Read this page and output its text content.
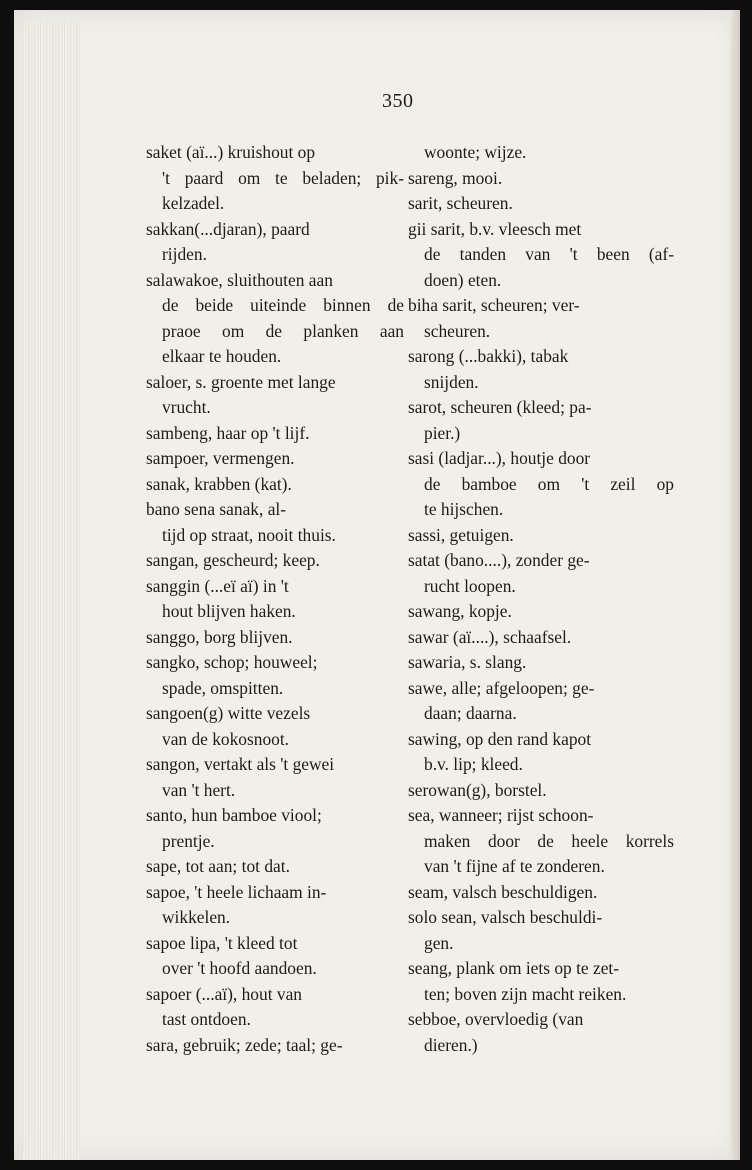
350
saket (aï...) kruishout op
't paard om te beladen; pik-
kelzadel.
sakkan(...djaran), paard
rijden.
salawakoe, sluithouten aan
de beide uiteinde binnen de
praoe om de planken aan
elkaar te houden.
saloer, s. groente met lange
vrucht.
sambeng, haar op 't lijf.
sampoer, vermengen.
sanak, krabben (kat).
bano sena sanak, al-
tijd op straat, nooit thuis.
sangan, gescheurd; keep.
sanggin (...eï aï) in 't
hout blijven haken.
sanggo, borg blijven.
sangko, schop; houweel;
spade, omspitten.
sangoen(g) witte vezels
van de kokosnoot.
sangon, vertakt als 't gewei
van 't hert.
santo, hun bamboe viool;
prentje.
sape, tot aan; tot dat.
sapoe, 't heele lichaam in-
wikkelen.
sapoe lipa, 't kleed tot
over 't hoofd aandoen.
sapoer (...aï), hout van
tast ontdoen.
sara, gebruik; zede; taal; ge-
woonte; wijze.
sareng, mooi.
sarit, scheuren.
gii sarit, b.v. vleesch met
de tanden van 't been (af-
doen) eten.
biha sarit, scheuren; ver-
scheuren.
sarong (...bakki), tabak
snijden.
sarot, scheuren (kleed; pa-
pier.)
sasi (ladjar...), houtje door
de bamboe om 't zeil op
te hijschen.
sassi, getuigen.
satat (bano....), zonder ge-
rucht loopen.
sawang, kopje.
sawar (aï....), schaafsel.
sawaria, s. slang.
sawe, alle; afgeloopen; ge-
daan; daarna.
sawing, op den rand kapot
b.v. lip; kleed.
serowan(g), borstel.
sea, wanneer; rijst schoon-
maken door de heele korrels
van 't fijne af te zonderen.
seam, valsch beschuldigen.
solo sean, valsch beschuldi-
gen.
seang, plank om iets op te zet-
ten; boven zijn macht reiken.
sebboe, overvloedig (van
dieren.)
